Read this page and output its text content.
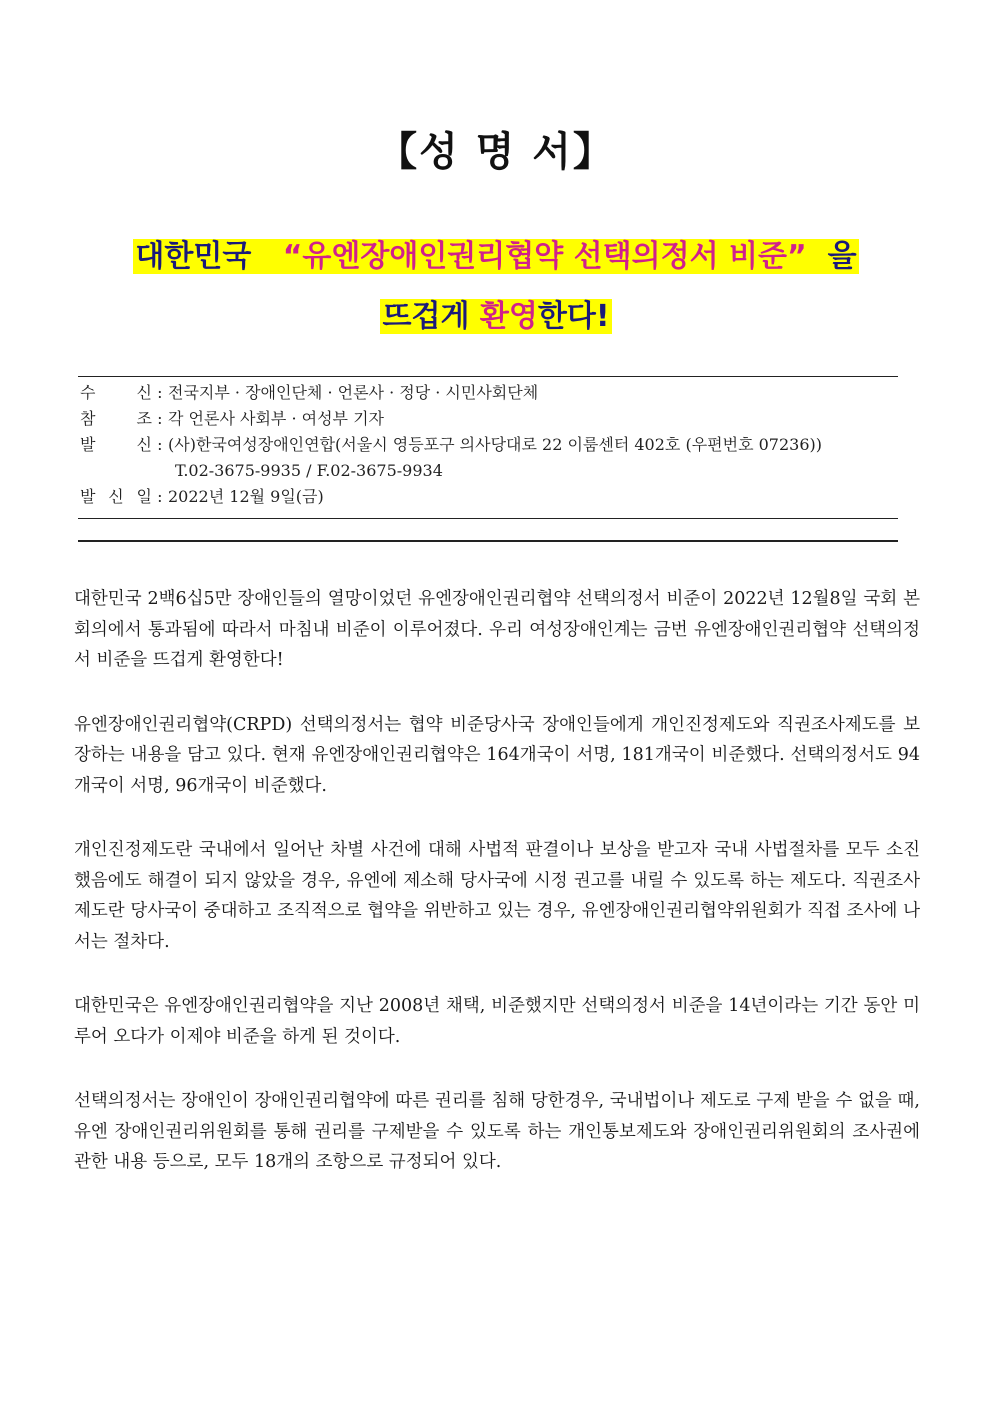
【성 명 서】
대한민국 “유엔장애인권리협약 선택의정서 비준” 을
뜨겁게 환영한다!
수	신 : 전국지부 · 장애인단체 · 언론사 · 정당 · 시민사회단체
참	조 : 각 언론사 사회부 · 여성부 기자
발	신 : (사)한국여성장애인연합(서울시 영등포구 의사당대로 22 이룸센터 402호 (우편번호 07236))
T.02-3675-9935 / F.02-3675-9934
발 신 일 : 2022년 12월 9일(금)

대한민국 2백6십5만 장애인들의 열망이었던 유엔장애인권리협약 선택의정서 비준이 2022년 12월8일 국회 본회의에서 통과됨에 따라서 마침내 비준이 이루어졌다. 우리 여성장애인계는 금번 유엔장애인권리협약 선택의정서 비준을 뜨겁게 환영한다!

유엔장애인권리협약(CRPD) 선택의정서는 협약 비준당사국 장애인들에게 개인진정제도와 직권조사제도를 보장하는 내용을 담고 있다. 현재 유엔장애인권리협약은 164개국이 서명, 181개국이 비준했다. 선택의정서도 94개국이 서명, 96개국이 비준했다.

개인진정제도란 국내에서 일어난 차별 사건에 대해 사법적 판결이나 보상을 받고자 국내 사법절차를 모두 소진했음에도 해결이 되지 않았을 경우, 유엔에 제소해 당사국에 시정 권고를 내릴 수 있도록 하는 제도다. 직권조사제도란 당사국이 중대하고 조직적으로 협약을 위반하고 있는 경우, 유엔장애인권리협약위원회가 직접 조사에 나서는 절차다.

대한민국은 유엔장애인권리협약을 지난 2008년 채택, 비준했지만 선택의정서 비준을 14년이라는 기간 동안 미루어 오다가 이제야 비준을 하게 된 것이다.

선택의정서는 장애인이 장애인권리협약에 따른 권리를 침해 당한경우, 국내법이나 제도로 구제 받을 수 없을 때, 유엔 장애인권리위원회를 통해 권리를 구제받을 수 있도록 하는 개인통보제도와 장애인권리위원회의 조사권에 관한 내용 등으로, 모두 18개의 조항으로 규정되어 있다.
